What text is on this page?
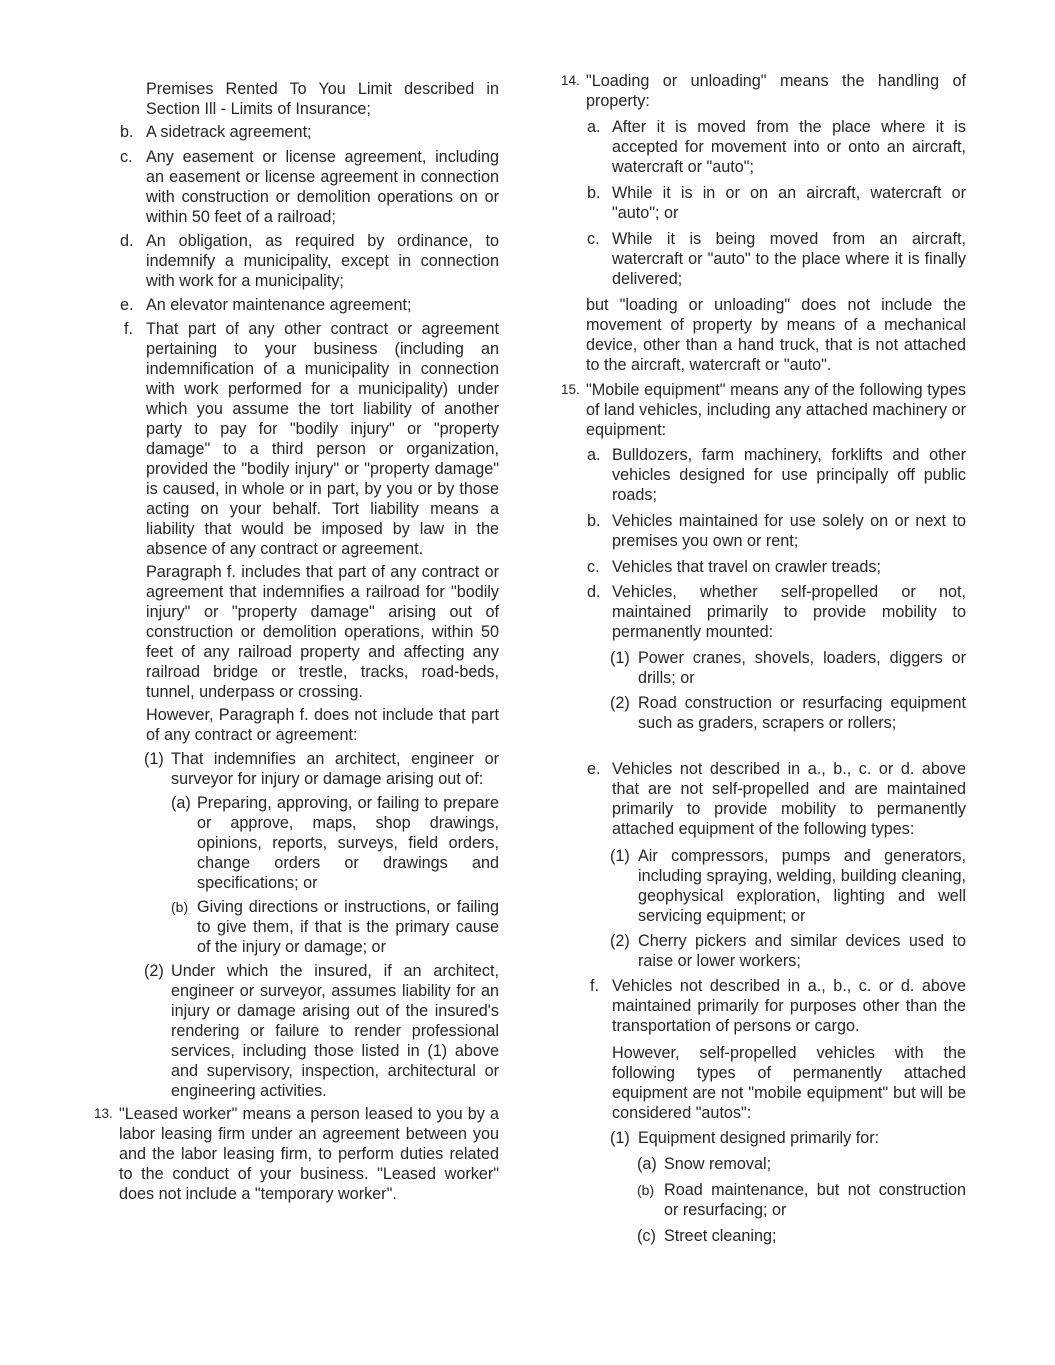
Premises Rented To You Limit described in Section Ill - Limits of Insurance;
b. A sidetrack agreement;
c. Any easement or license agreement, including an easement or license agreement in connection with construction or demolition operations on or within 50 feet of a railroad;
d. An obligation, as required by ordinance, to indemnify a municipality, except in connection with work for a municipality;
e. An elevator maintenance agreement;
f. That part of any other contract or agreement pertaining to your business (including an indemnification of a municipality in connection with work performed for a municipality) under which you assume the tort liability of another party to pay for "bodily injury" or "property damage" to a third person or organization, provided the "bodily injury" or "property damage" is caused, in whole or in part, by you or by those acting on your behalf. Tort liability means a liability that would be imposed by law in the absence of any contract or agreement.
Paragraph f. includes that part of any contract or agreement that indemnifies a railroad for "bodily injury" or "property damage" arising out of construction or demolition operations, within 50 feet of any railroad property and affecting any railroad bridge or trestle, tracks, road-beds, tunnel, underpass or crossing.
However, Paragraph f. does not include that part of any contract or agreement:
(1) That indemnifies an architect, engineer or surveyor for injury or damage arising out of:
(a) Preparing, approving, or failing to prepare or approve, maps, shop drawings, opinions, reports, surveys, field orders, change orders or drawings and specifications; or
(b) Giving directions or instructions, or failing to give them, if that is the primary cause of the injury or damage; or
(2) Under which the insured, if an architect, engineer or surveyor, assumes liability for an injury or damage arising out of the insured's rendering or failure to render professional services, including those listed in (1) above and supervisory, inspection, architectural or engineering activities.
13. "Leased worker" means a person leased to you by a labor leasing firm under an agreement between you and the labor leasing firm, to perform duties related to the conduct of your business. "Leased worker" does not include a "temporary worker".
14. "Loading or unloading" means the handling of property:
a. After it is moved from the place where it is accepted for movement into or onto an aircraft, watercraft or "auto";
b. While it is in or on an aircraft, watercraft or "auto"; or
c. While it is being moved from an aircraft, watercraft or "auto" to the place where it is finally delivered;
but "loading or unloading" does not include the movement of property by means of a mechanical device, other than a hand truck, that is not attached to the aircraft, watercraft or "auto".
15. "Mobile equipment" means any of the following types of land vehicles, including any attached machinery or equipment:
a. Bulldozers, farm machinery, forklifts and other vehicles designed for use principally off public roads;
b. Vehicles maintained for use solely on or next to premises you own or rent;
c. Vehicles that travel on crawler treads;
d. Vehicles, whether self-propelled or not, maintained primarily to provide mobility to permanently mounted:
(1) Power cranes, shovels, loaders, diggers or drills; or
(2) Road construction or resurfacing equipment such as graders, scrapers or rollers;
e. Vehicles not described in a., b., c. or d. above that are not self-propelled and are maintained primarily to provide mobility to permanently attached equipment of the following types:
(1) Air compressors, pumps and generators, including spraying, welding, building cleaning, geophysical exploration, lighting and well servicing equipment; or
(2) Cherry pickers and similar devices used to raise or lower workers;
f. Vehicles not described in a., b., c. or d. above maintained primarily for purposes other than the transportation of persons or cargo.
However, self-propelled vehicles with the following types of permanently attached equipment are not "mobile equipment" but will be considered "autos":
(1) Equipment designed primarily for:
(a) Snow removal;
(b) Road maintenance, but not construction or resurfacing; or
(c) Street cleaning;
